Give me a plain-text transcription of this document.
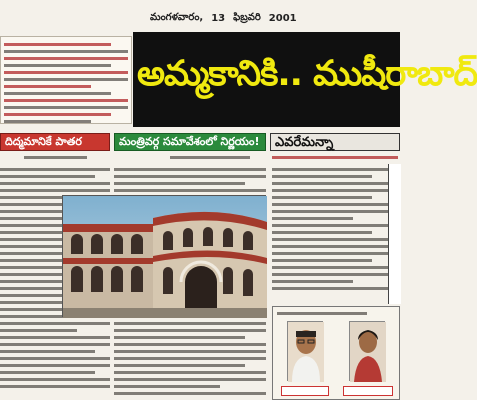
మంగళవారం, 13 ఫిబ్రవరి 2001
అమ్మకానికి.. ముషీరాబాద్
దిద్మమానికే పాతర	మంత్రివర్గ సమావేశంలో నిర్ణయం!	ఎవరేమన్నా
